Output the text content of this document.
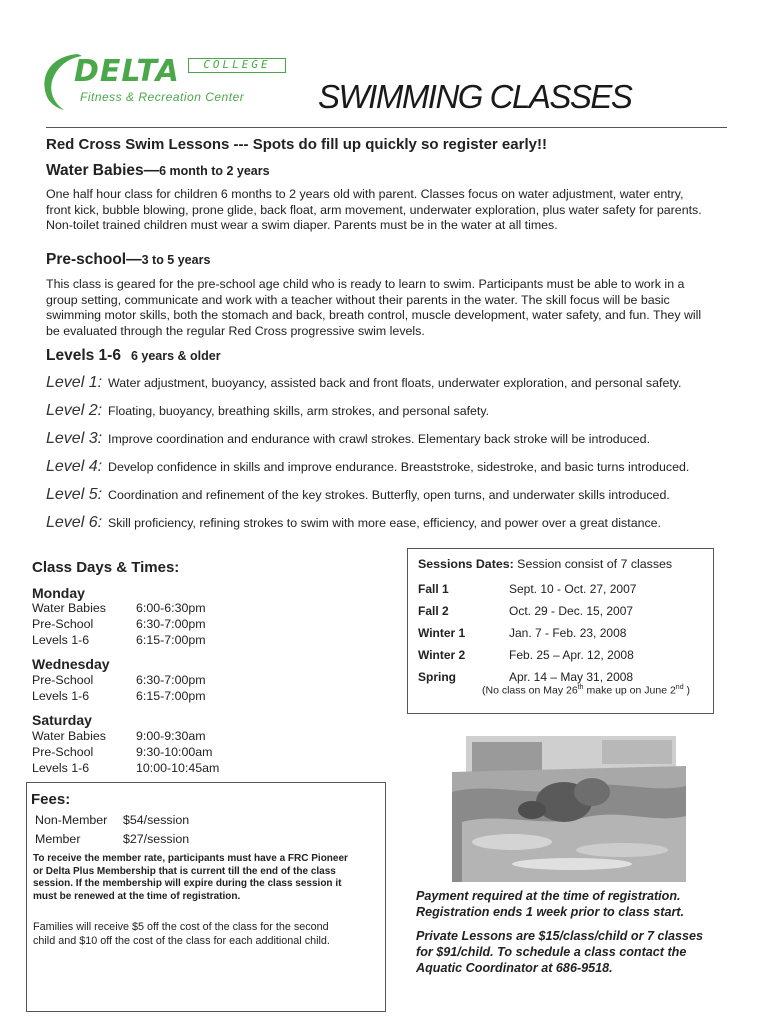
DELTA	COLLEGE
Fitness & Recreation Center SWIMMING CLASSES
Red Cross Swim Lessons --- Spots do fill up quickly so register early!!
Water Babies—6 month to 2 years
One half hour class for children 6 months to 2 years old with parent. Classes focus on water adjustment, water entry,
front kick, bubble blowing, prone glide, back float, arm movement, underwater exploration, plus water safety for parents.
Non-toilet trained children must wear a swim diaper. Parents must be in the water at all times.
Pre-school—3 to 5 years
This class is geared for the pre-school age child who is ready to learn to swim. Participants must be able to work in a
group setting, communicate and work with a teacher without their parents in the water. The skill focus will be basic
swimming motor skills, both the stomach and back, breath control, muscle development, water safety, and fun. They will
be evaluated through the regular Red Cross progressive swim levels.
Levels 1-6 6 years & older
Level 1: Water adjustment, buoyancy, assisted back and front floats, underwater exploration, and personal safety.
Level 2: Floating, buoyancy, breathing skills, arm strokes, and personal safety.
Level 3: Improve coordination and endurance with crawl strokes. Elementary back stroke will be introduced.
Level 4: Develop confidence in skills and improve endurance. Breaststroke, sidestroke, and basic turns introduced.
Level 5: Coordination and refinement of the key strokes. Butterfly, open turns, and underwater skills introduced.
Level 6: Skill proficiency, refining strokes to swim with more ease, efficiency, and power over a great distance.
Class Days & Times:
Monday
Water Babies	6:00-6:30pm
Pre-School	6:30-7:00pm
Levels 1-6	6:15-7:00pm
Wednesday
Pre-School	6:30-7:00pm
Levels 1-6	6:15-7:00pm
Saturday
Water Babies	9:00-9:30am
Pre-School	9:30-10:00am
Levels 1-6	10:00-10:45am
Sessions Dates: Session consist of 7 classes
Fall 1	Sept. 10 - Oct. 27, 2007
Fall 2	Oct. 29 - Dec. 15, 2007
Winter 1	Jan. 7 - Feb. 23, 2008
Winter 2	Feb. 25 – Apr. 12, 2008
Spring	Apr. 14 – May 31, 2008
(No class on May 26th make up on June 2nd )
Fees:
Non-Member $54/session
Member	$27/session
To receive the member rate, participants must have a FRC Pioneer
or Delta Plus Membership that is current till the end of the class
session. If the membership will expire during the class session it
must be renewed at the time of registration.
Families will receive $5 off the cost of the class for the second
child and $10 off the cost of the class for each additional child.
Payment required at the time of registration.
Registration ends 1 week prior to class start.
Private Lessons are $15/class/child or 7 classes
for $91/child. To schedule a class contact the
Aquatic Coordinator at 686-9518.
